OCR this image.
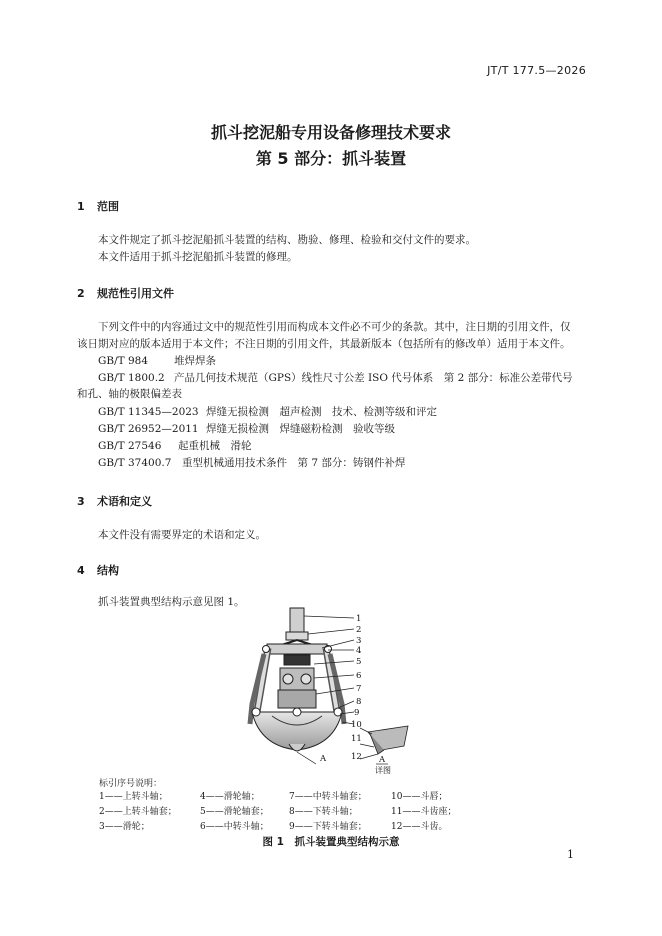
JT/T 177.5—2026
抓斗挖泥船专用设备修理技术要求
第 5 部分：抓斗装置
1 范围
本文件规定了抓斗挖泥船抓斗装置的结构、勘验、修理、检验和交付文件的要求。
本文件适用于抓斗挖泥船抓斗装置的修理。
2 规范性引用文件
下列文件中的内容通过文中的规范性引用而构成本文件必不可少的条款。其中，注日期的引用文件，仅
该日期对应的版本适用于本文件；不注日期的引用文件，其最新版本（包括所有的修改单）适用于本文件。
GB/T 984 堆焊焊条
GB/T 1800.2 产品几何技术规范（GPS）线性尺寸公差 ISO 代号体系　第 2 部分：标准公差带代号
和孔、轴的极限偏差表
GB/T 11345—2023 焊缝无损检测　超声检测　技术、检测等级和评定
GB/T 26952—2011 焊缝无损检测　焊缝磁粉检测　验收等级
GB/T 27546 起重机械　滑轮
GB/T 37400.7 重型机械通用技术条件　第 7 部分：铸钢件补焊
3 术语和定义
本文件没有需要界定的术语和定义。
4 结构
抓斗装置典型结构示意见图 1。
1
2
3
4
5
6
7
8
9
10
11
12
A	A
详图
标引序号说明：
1——上转斗轴；
2——上转斗轴套；
3——滑轮；
4——滑轮轴；
5——滑轮轴套；
6——中转斗轴；
7——中转斗轴套；
8——下转斗轴；
9——下转斗轴套；
10——斗唇；
11——斗齿座；
12——斗齿。
图 1　抓斗装置典型结构示意
1
